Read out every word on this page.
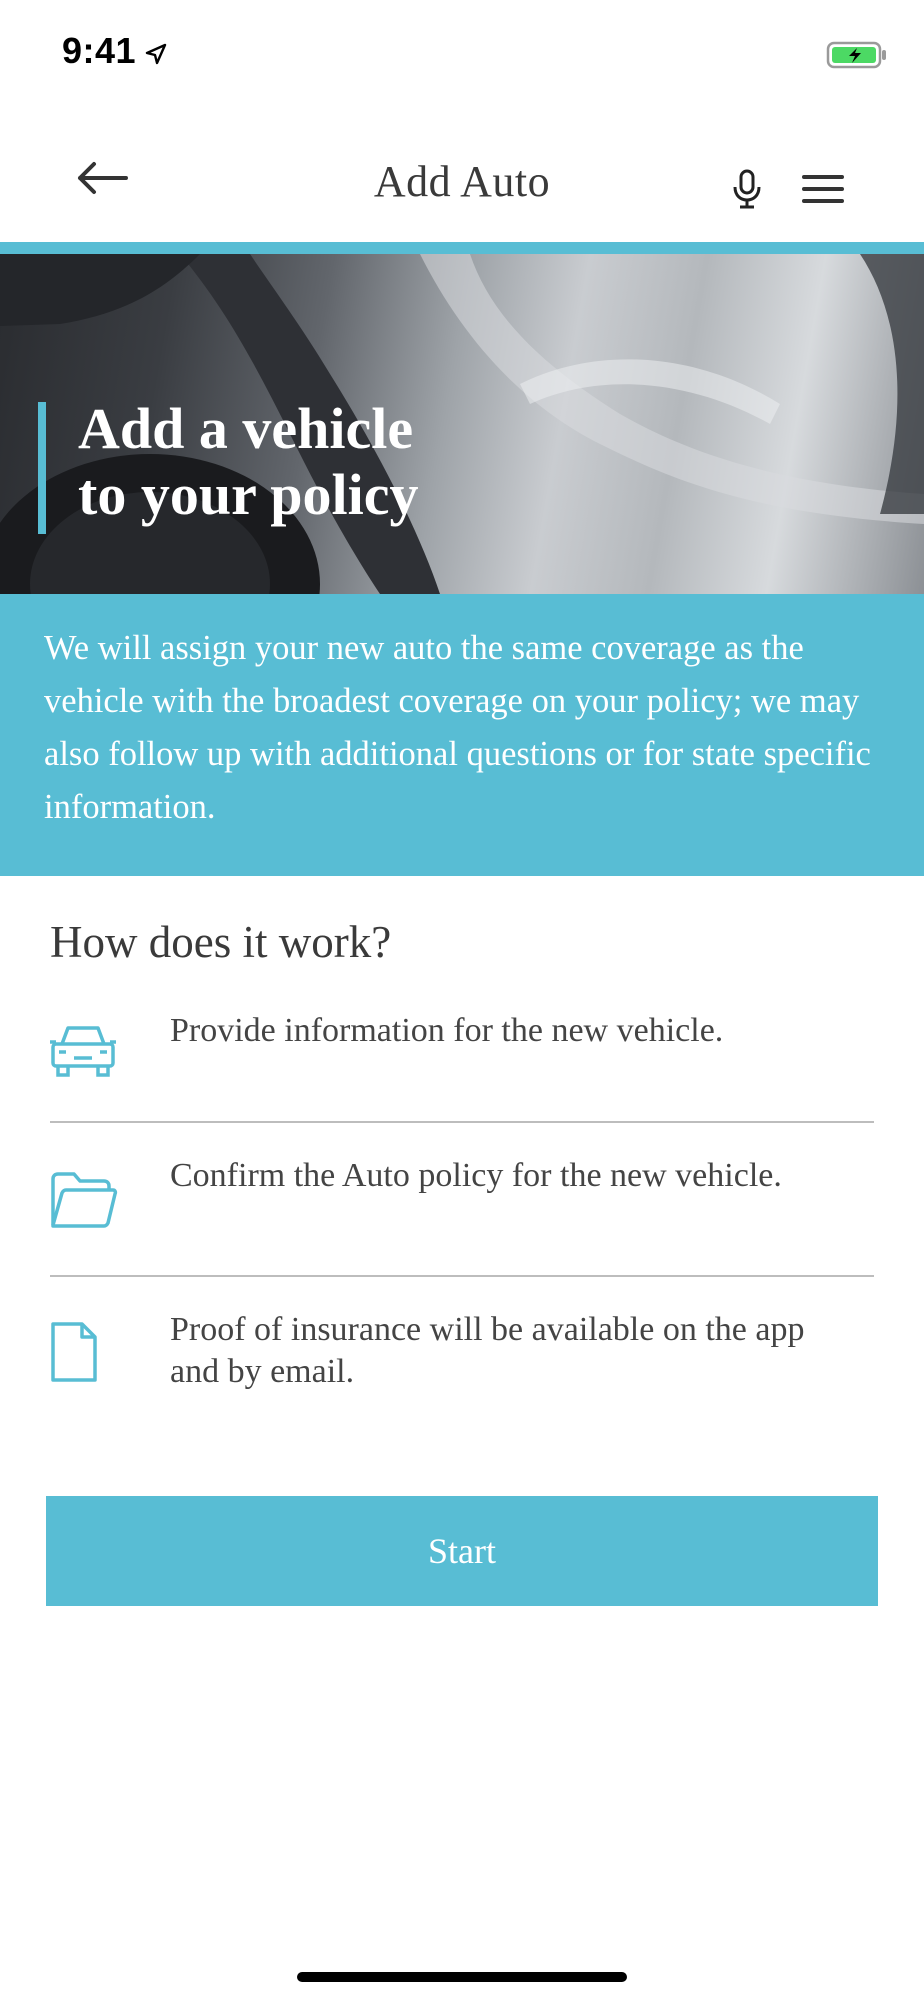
9:41
Add Auto
Add a vehicle
to your policy
We will assign your new auto the same coverage as the vehicle with the broadest coverage on your policy; we may also follow up with additional questions or for state specific information.
How does it work?
Provide information for the new vehicle.
Confirm the Auto policy for the new vehicle.
Proof of insurance will be available on the app and by email.
Start
